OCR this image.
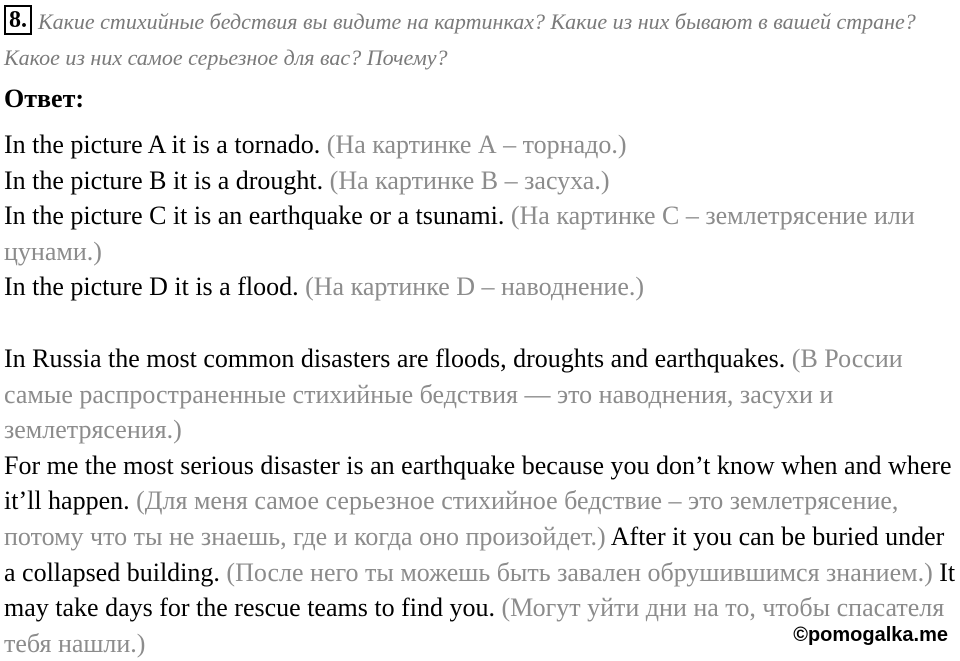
8. Какие стихийные бедствия вы видите на картинках? Какие из них бывают в вашей стране? Какое из них самое серьезное для вас? Почему?
Ответ:

In the picture A it is a tornado. (На картинке А – торнадо.)

In the picture B it is a drought. (На картинке В – засуха.)

In the picture C it is an earthquake or a tsunami. (На картинке С – землетрясение или цунами.)

In the picture D it is a flood. (На картинке D – наводнение.)

In Russia the most common disasters are floods, droughts and earthquakes. (В России самые распространенные стихийные бедствия — это наводнения, засухи и землетрясения.)

For me the most serious disaster is an earthquake because you don’t know when and where it’ll happen. (Для меня самое серьезное стихийное бедствие – это землетрясение, потому что ты не знаешь, где и когда оно произойдет.) After it you can be buried under a collapsed building. (После него ты можешь быть завален обрушившимся знанием.) It may take days for the rescue teams to find you. (Могут уйти дни на то, чтобы спасателя тебя нашли.)	©pomogalka.me
